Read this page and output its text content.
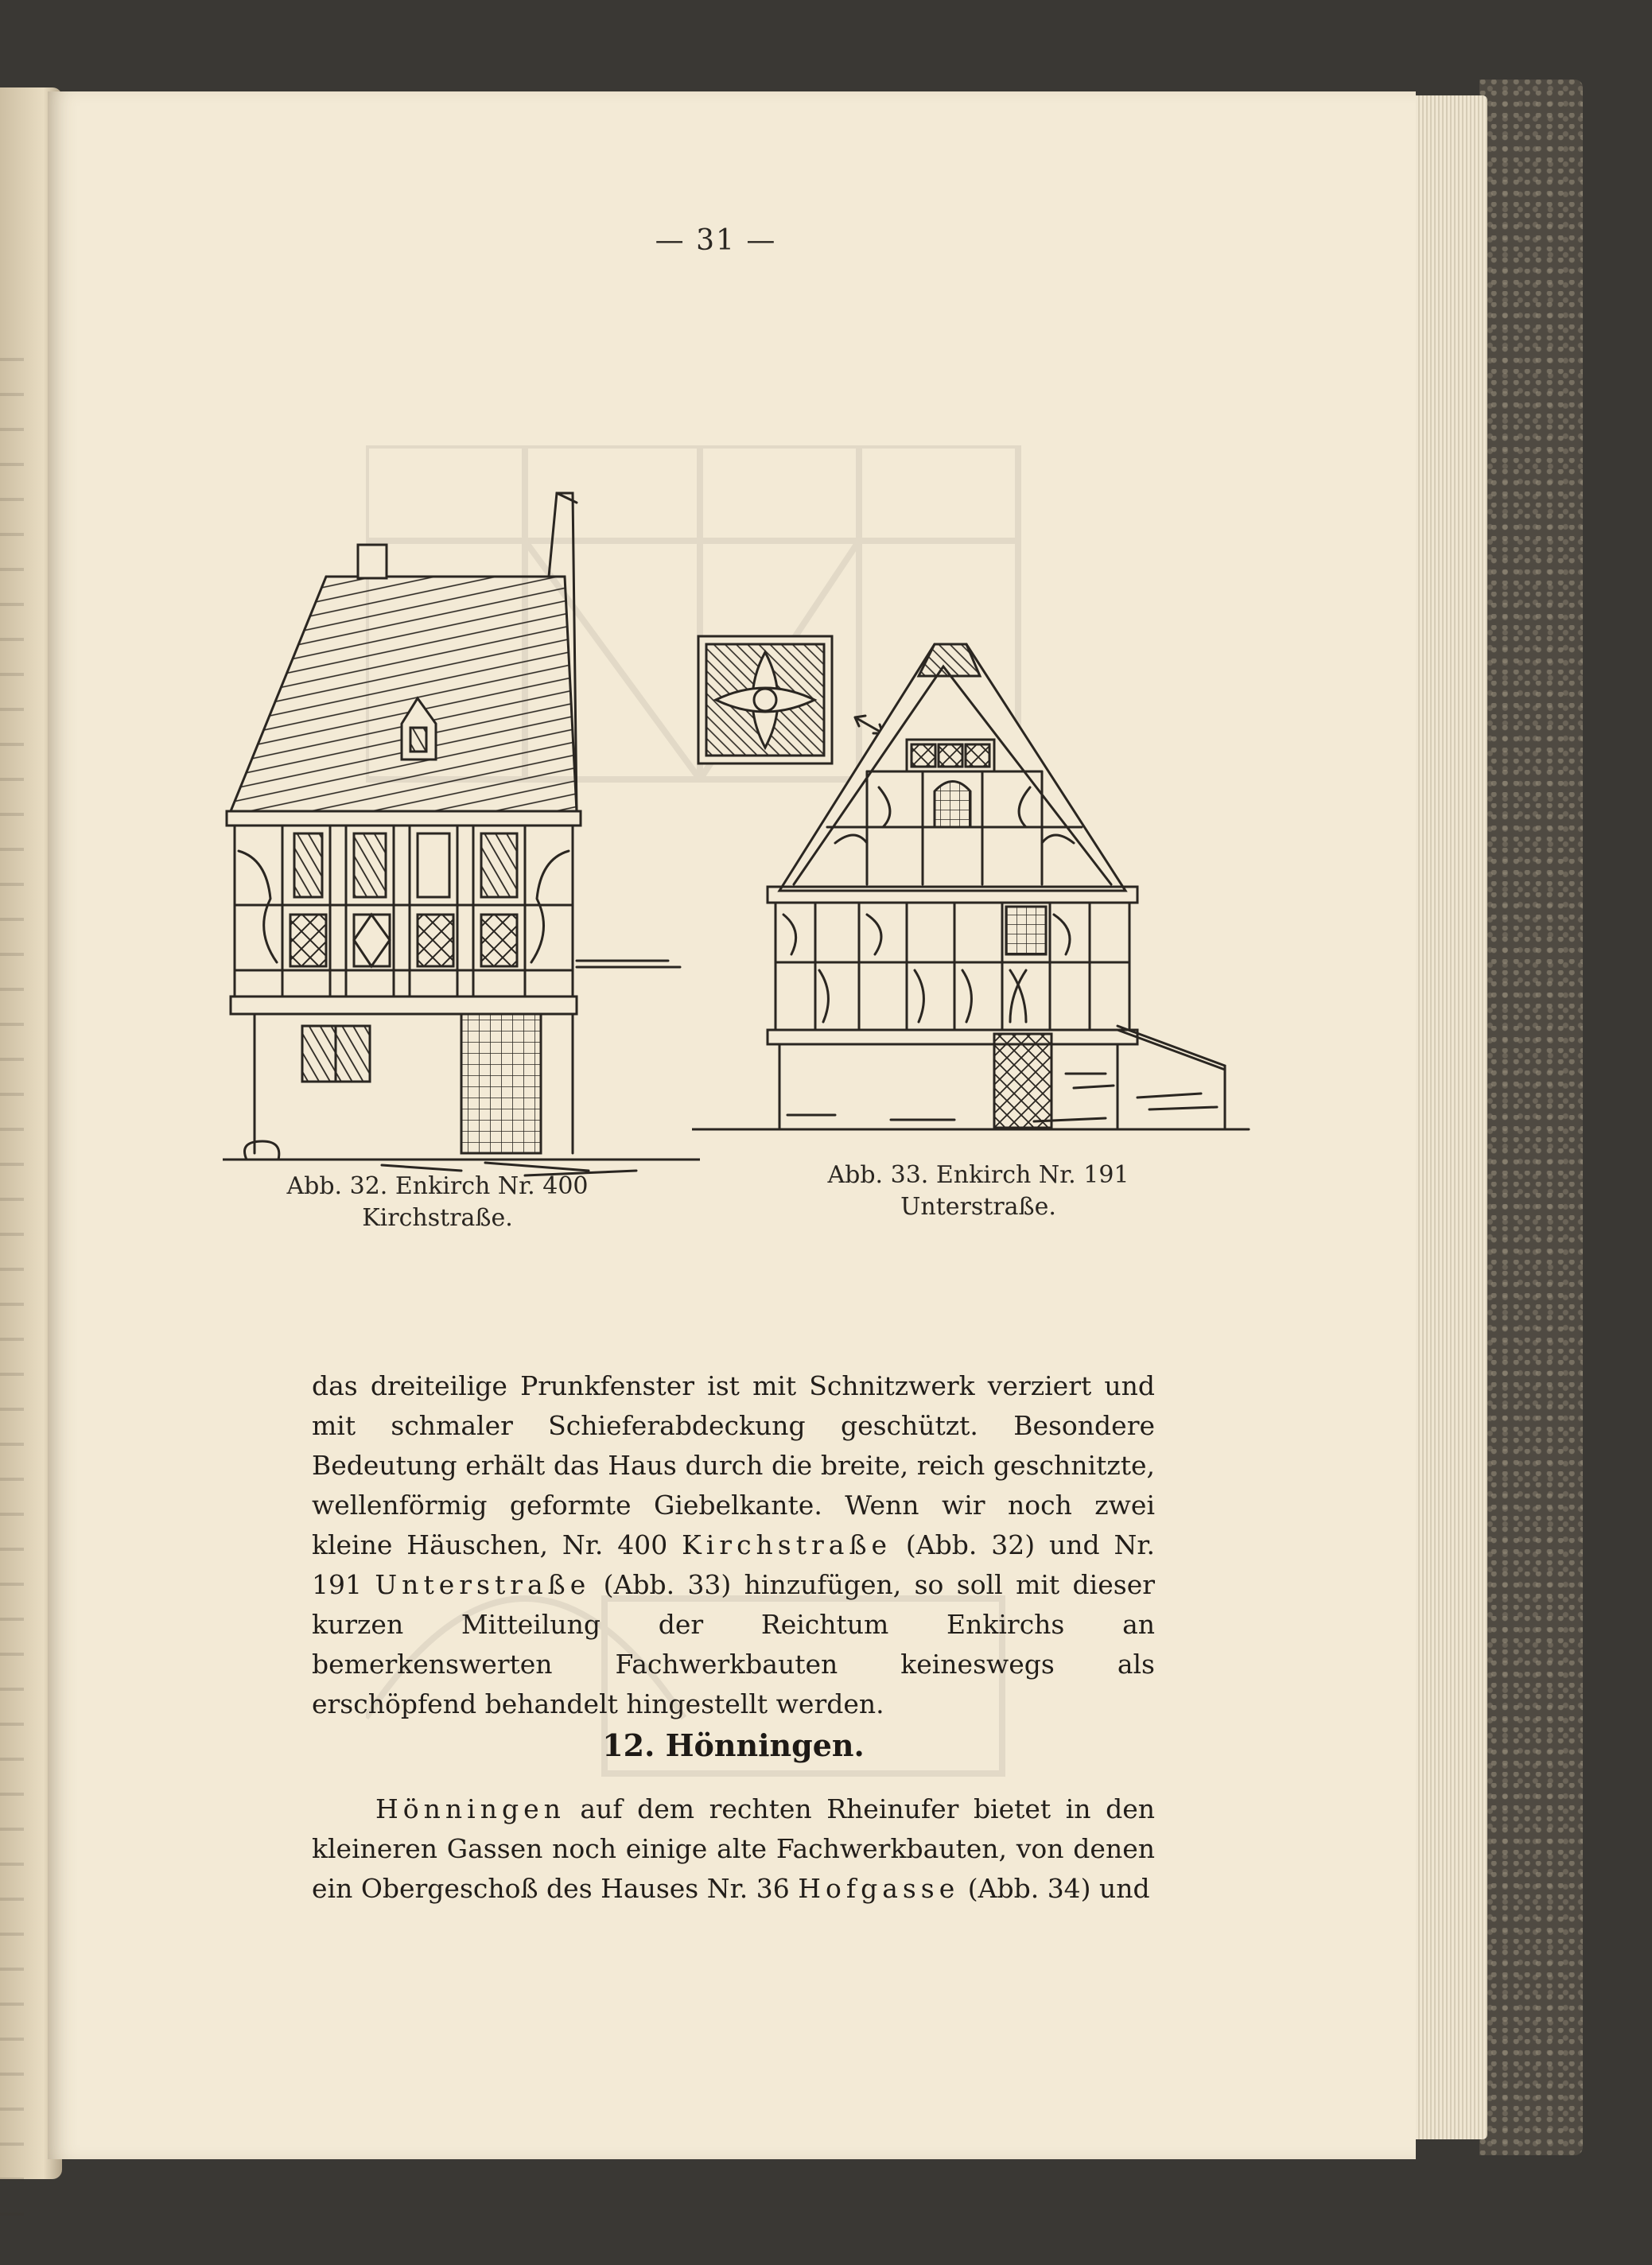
— 31 —
Abb. 32. Enkirch Nr. 400
Kirchstraße.
Abb. 33. Enkirch Nr. 191
Unterstraße.

das dreiteilige Prunkfenster ist mit Schnitzwerk verziert und mit schmaler Schieferabdeckung geschützt. Besondere Bedeutung erhält das Haus durch die breite, reich geschnitzte, wellenförmig geformte Giebelkante. Wenn wir noch zwei kleine Häuschen, Nr. 400 Kirchstraße (Abb. 32) und Nr. 191 Unterstraße (Abb. 33) hinzufügen, so soll mit dieser kurzen Mitteilung der Reichtum Enkirchs an bemerkenswerten Fachwerkbauten keineswegs als erschöpfend behandelt hingestellt werden.

12. Hönningen.

Hönningen auf dem rechten Rheinufer bietet in den kleineren Gassen noch einige alte Fachwerkbauten, von denen ein Obergeschoß des Hauses Nr. 36 Hofgasse (Abb. 34) und
